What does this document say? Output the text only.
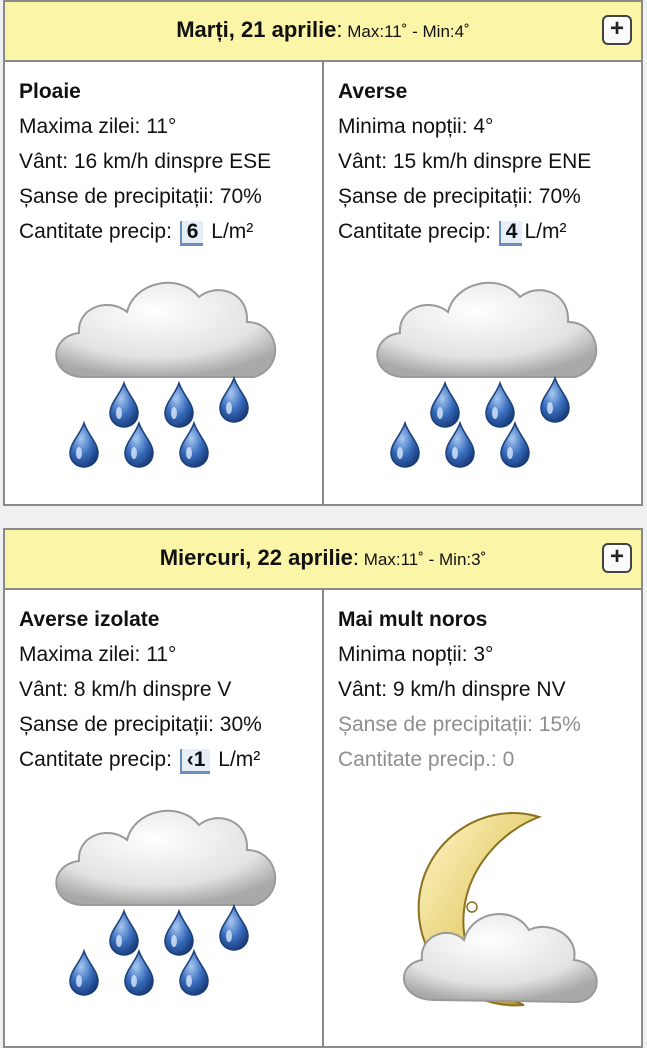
Marți, 21 aprilie: Max:11˚ - Min:4˚	+
Ploaie
Maxima zilei: 11°
Vânt: 16 km/h dinspre ESE
Șanse de precipitații: 70%
Cantitate precip: 6 L/m²
Averse
Minima nopții: 4°
Vânt: 15 km/h dinspre ENE
Șanse de precipitații: 70%
Cantitate precip: 4 L/m²
Miercuri, 22 aprilie: Max:11˚ - Min:3˚	+
Averse izolate
Maxima zilei: 11°
Vânt: 8 km/h dinspre V
Șanse de precipitații: 30%
Cantitate precip: ‹1 L/m²
Mai mult noros
Minima nopții: 3°
Vânt: 9 km/h dinspre NV
Șanse de precipitații: 15%
Cantitate precip.: 0
